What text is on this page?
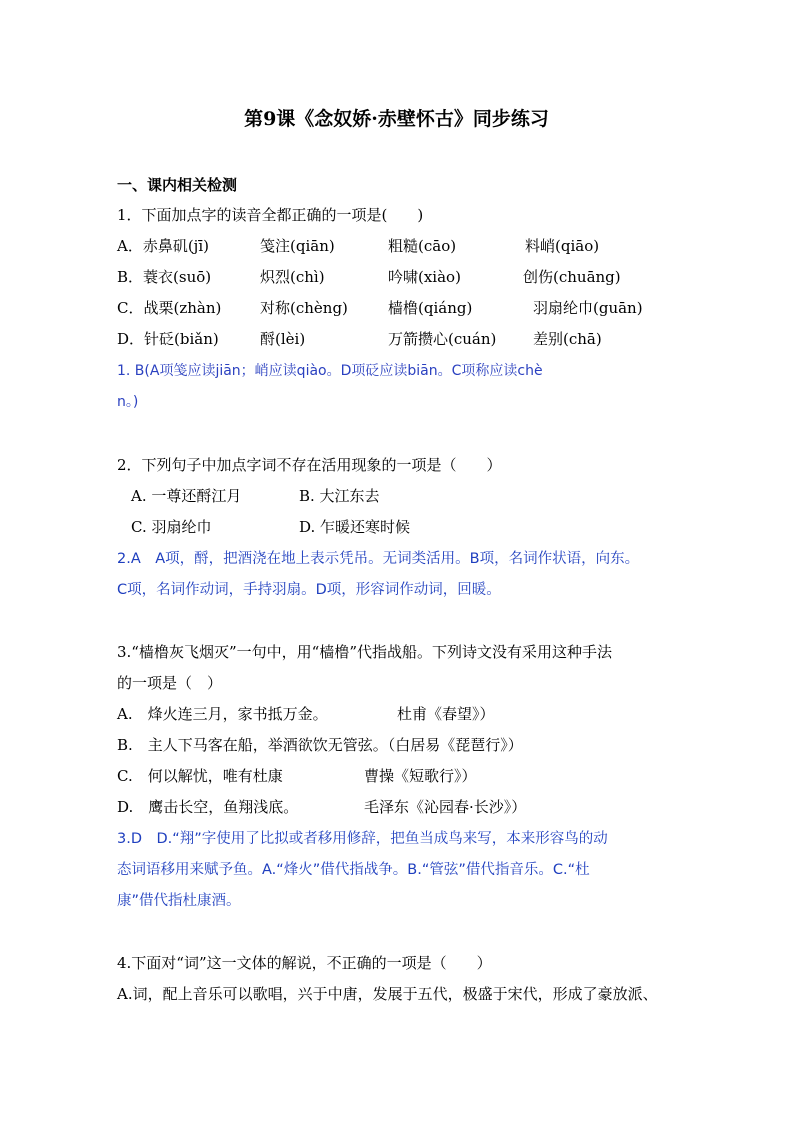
第9课《念奴娇·赤壁怀古》同步练习
一、课内相关检测
1．下面加点字的读音全都正确的一项是(　　)
A．赤鼻矶(jī)	笺注(qiān)	粗糙(cāo)	料峭(qiāo)
B．蓑衣(suō)	炽烈(chì)	吟啸(xiào)	创伤(chuāng)
C．战栗(zhàn)	对称(chèng)	樯橹(qiáng)	羽扇纶巾(guān)
D．针砭(biǎn)	酹(lèi)	万箭攒心(cuán) 差别(chā)
1. B(A项笺应读jiān；峭应读qiào。D项砭应读biān。C项称应读chè
n。)
2．下列句子中加点字词不存在活用现象的一项是（　　）
A. 一尊还酹江月	B. 大江东去
C. 羽扇纶巾	D. 乍暖还寒时候
2.A　A项，酹，把酒浇在地上表示凭吊。无词类活用。B项，名词作状语，向东。
C项，名词作动词，手持羽扇。D项，形容词作动词，回暖。
3.“樯橹灰飞烟灭”一句中，用“樯橹”代指战船。下列诗文没有采用这种手法
的一项是（　）
A.　烽火连三月，家书抵万金。	杜甫《春望》）
B.　主人下马客在船，举酒欲饮无管弦。（白居易《琵琶行》）
C.　何以解忧，唯有杜康	曹操《短歌行》）
D.　鹰击长空，鱼翔浅底。	毛泽东《沁园春·长沙》）
3.D　D.“翔”字使用了比拟或者移用修辞，把鱼当成鸟来写，本来形容鸟的动
态词语移用来赋予鱼。A.“烽火”借代指战争。B.“管弦”借代指音乐。C.“杜
康”借代指杜康酒。
4.下面对“词”这一文体的解说，不正确的一项是（　　）
A.词，配上音乐可以歌唱，兴于中唐，发展于五代，极盛于宋代，形成了豪放派、
